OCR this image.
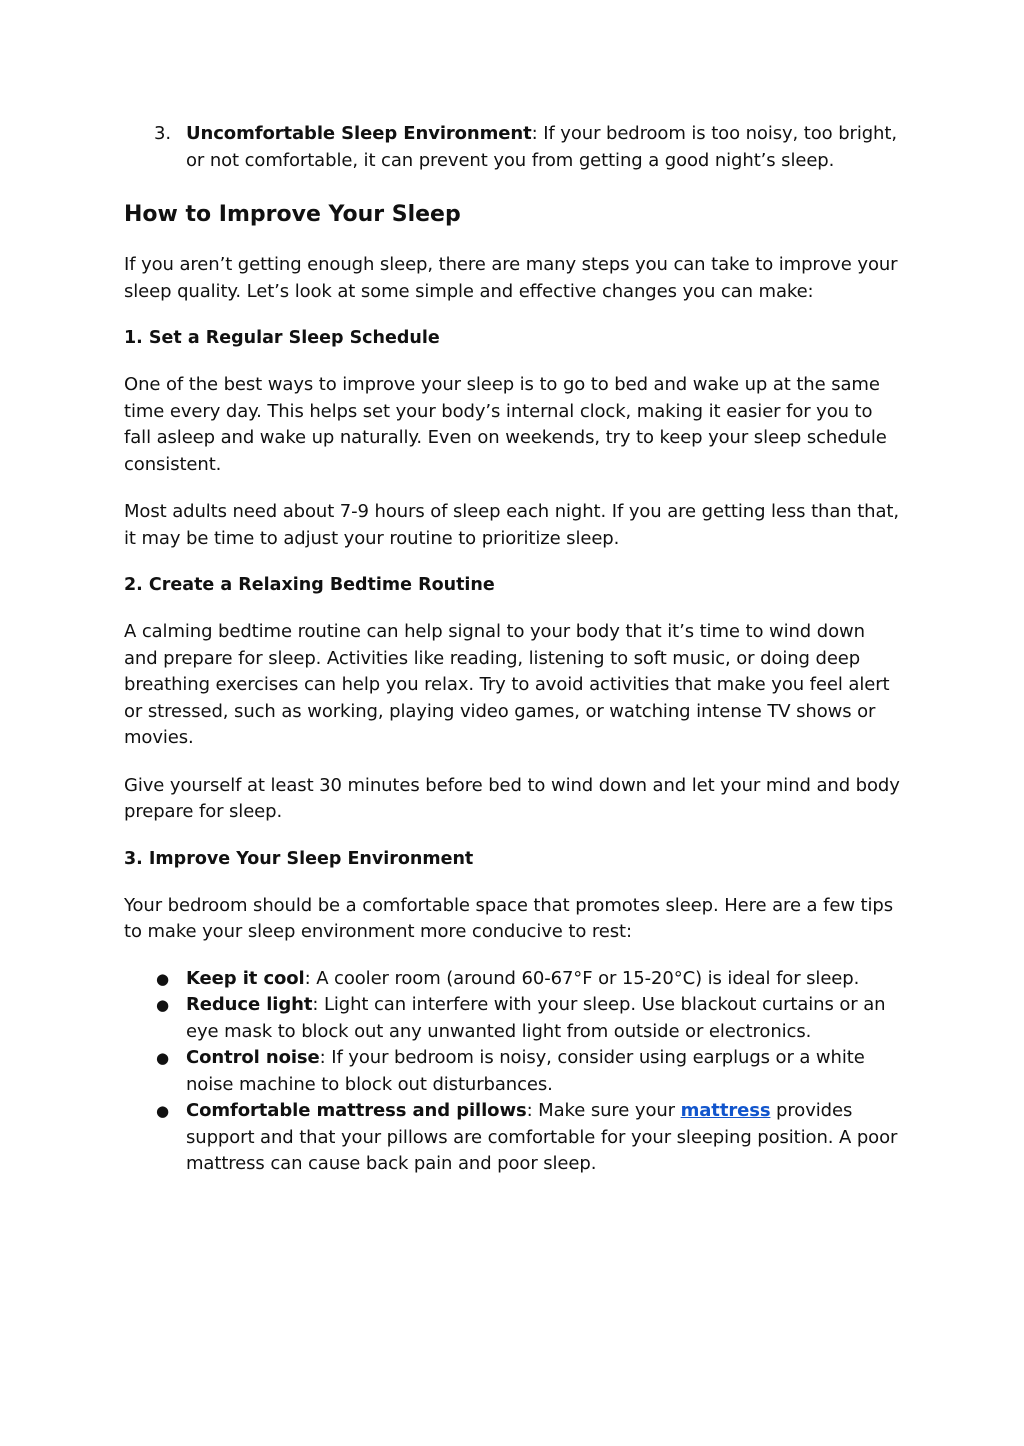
3. Uncomfortable Sleep Environment: If your bedroom is too noisy, too bright, or not comfortable, it can prevent you from getting a good night’s sleep.
How to Improve Your Sleep

If you aren’t getting enough sleep, there are many steps you can take to improve your sleep quality. Let’s look at some simple and effective changes you can make:

1. Set a Regular Sleep Schedule

One of the best ways to improve your sleep is to go to bed and wake up at the same time every day. This helps set your body’s internal clock, making it easier for you to fall asleep and wake up naturally. Even on weekends, try to keep your sleep schedule consistent.

Most adults need about 7-9 hours of sleep each night. If you are getting less than that, it may be time to adjust your routine to prioritize sleep.

2. Create a Relaxing Bedtime Routine

A calming bedtime routine can help signal to your body that it’s time to wind down and prepare for sleep. Activities like reading, listening to soft music, or doing deep breathing exercises can help you relax. Try to avoid activities that make you feel alert or stressed, such as working, playing video games, or watching intense TV shows or movies.

Give yourself at least 30 minutes before bed to wind down and let your mind and body prepare for sleep.

3. Improve Your Sleep Environment

Your bedroom should be a comfortable space that promotes sleep. Here are a few tips to make your sleep environment more conducive to rest:

● Keep it cool: A cooler room (around 60-67°F or 15-20°C) is ideal for sleep.
● Reduce light: Light can interfere with your sleep. Use blackout curtains or an eye mask to block out any unwanted light from outside or electronics.
● Control noise: If your bedroom is noisy, consider using earplugs or a white noise machine to block out disturbances.
● Comfortable mattress and pillows: Make sure your mattress provides support and that your pillows are comfortable for your sleeping position. A poor mattress can cause back pain and poor sleep.
